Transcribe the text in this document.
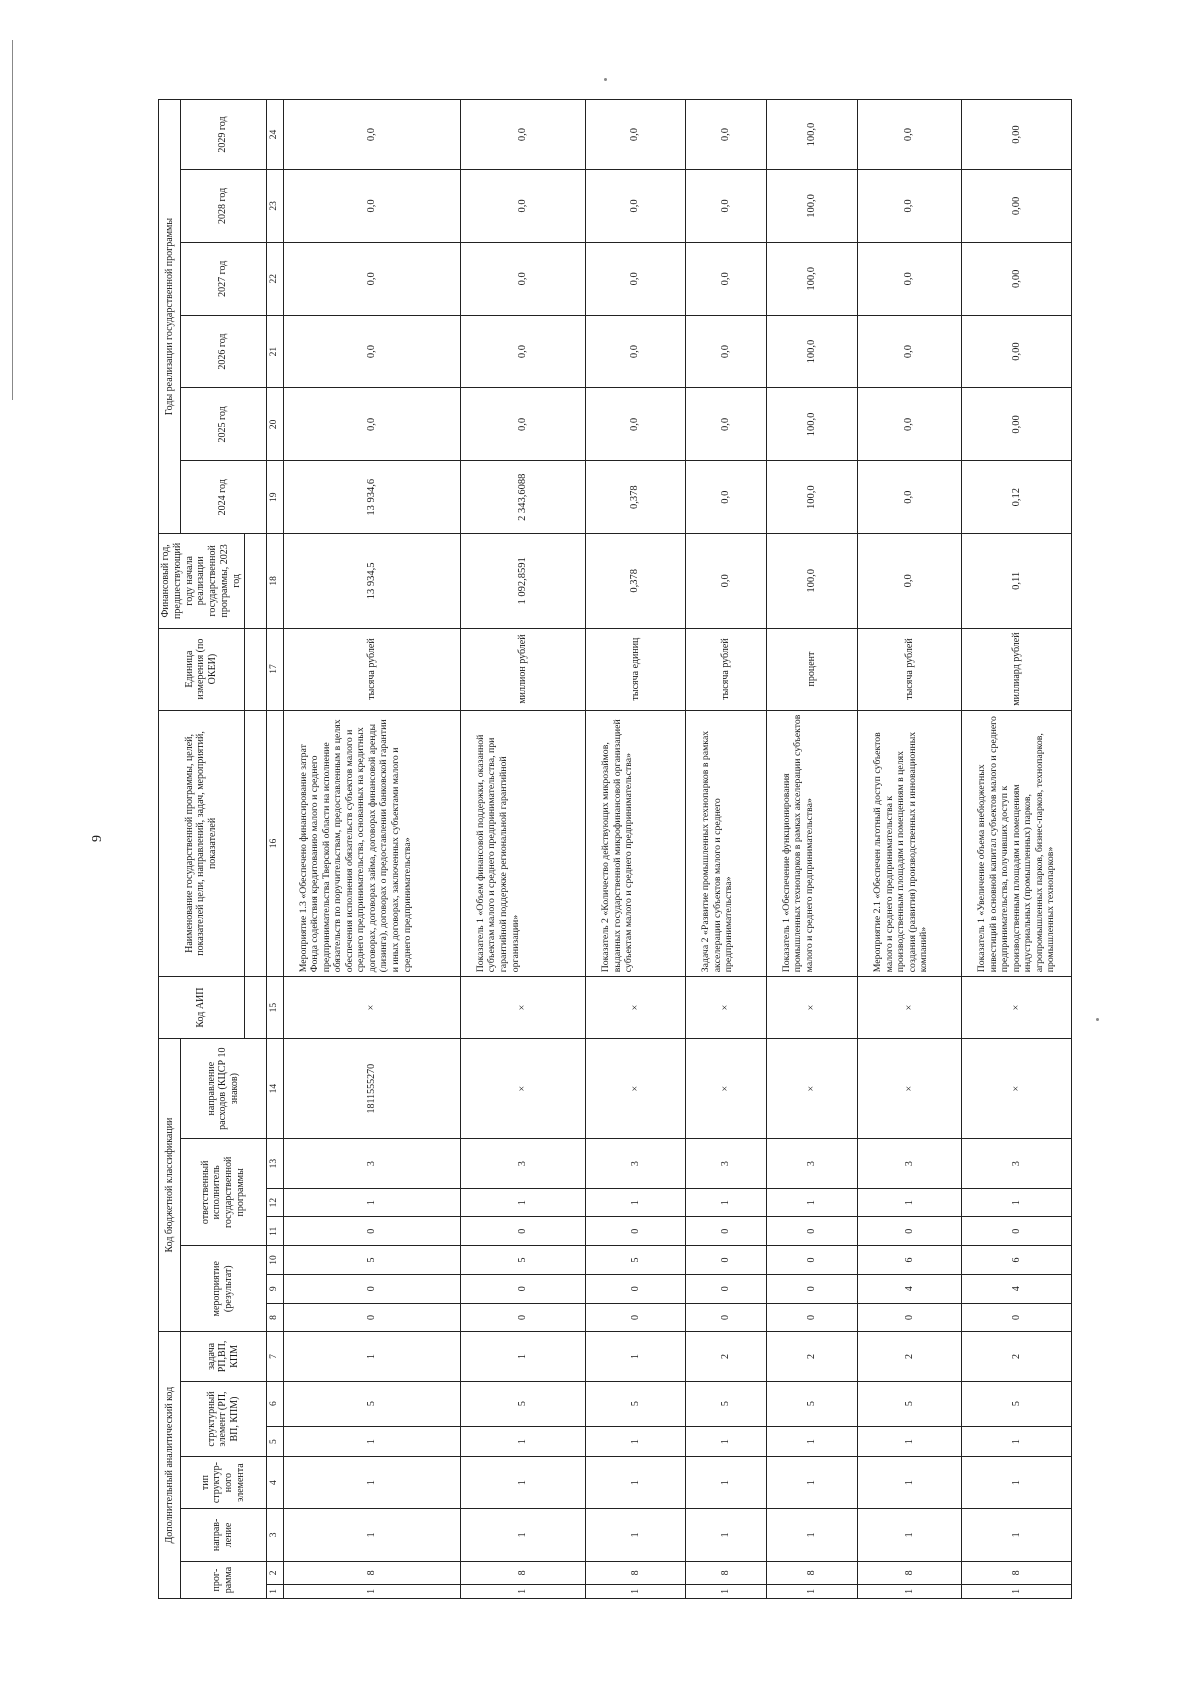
9
Дополнительный аналитический код							Код бюджетной классификации							Код АИП	Наименование государственной программы, целей, показателей цели, направлений, задач, мероприятий, показателей	Единица измерения (по ОКЕИ)	Финансовый год, предшествующий году начала реализации государственной программы, 2023 год	Годы реализации государственной программы					
прог-рамма		направ-ление	тип структур-ного элемента	структурный элемент (РП, ВП, КПМ)		задача РП,ВП, КПМ	мероприятие (результат)			ответственный исполнитель государственной программы			направление расходов (КЦСР 10 знаков)					2024 год	2025 год	2026 год	2027 год	2028 год	2029 год

1	2	3	4	5	6	7	8	9	10	11	12	13	14	15	16	17	18	19	20	21	22	23	24
1	8	1	1	1	5	1	0	0	5	0	1	3	1811555270	×	Мероприятие 1.3 «Обеспечено финансирование затрат Фонда содействия кредитованию малого и среднего предпринимательства Тверской области на исполнение обязательств по поручительствам, предоставленным в целях обеспечения исполнения обязательств субъектов малого и среднего предпринимательства, основанных на кредитных договорах, договорах займа, договорах финансовой аренды (лизинга), договорах о предоставлении банковской гарантии и иных договорах, заключенных субъектами малого и среднего предпринимательства»	тысяча рублей	13 934,5	13 934,6	0,0	0,0	0,0	0,0	0,0
1	8	1	1	1	5	1	0	0	5	0	1	3	×	×	Показатель 1 «Объем финансовой поддержки, оказанной субъектам малого и среднего предпринимательства, при гарантийной поддержке региональной гарантийной организации»	миллион рублей	1 092,8591	2 343,6088	0,0	0,0	0,0	0,0	0,0
1	8	1	1	1	5	1	0	0	5	0	1	3	×	×	Показатель 2 «Количество действующих микрозаймов, выданных государственной микрофинансовой организацией субъектам малого и среднего предпринимательства»	тысяча единиц	0,378	0,378	0,0	0,0	0,0	0,0	0,0
1	8	1	1	1	5	2	0	0	0	0	1	3	×	×	Задача 2 «Развитие промышленных технопарков в рамках акселерации субъектов малого и среднего предпринимательства»	тысяча рублей	0,0	0,0	0,0	0,0	0,0	0,0	0,0
1	8	1	1	1	5	2	0	0	0	0	1	3	×	×	Показатель 1 «Обеспечение функционирования промышленных технопарков в рамках акселерации субъектов малого и среднего предпринимательства»	процент	100,0	100,0	100,0	100,0	100,0	100,0	100,0
1	8	1	1	1	5	2	0	4	6	0	1	3	×	×	Мероприятие 2.1 «Обеспечен льготный доступ субъектов малого и среднего предпринимательства к производственным площадям и помещениям в целях создания (развития) производственных и инновационных компаний»	тысяча рублей	0,0	0,0	0,0	0,0	0,0	0,0	0,0
1	8	1	1	1	5	2	0	4	6	0	1	3	×	×	Показатель 1 «Увеличение объема внебюджетных инвестиций в основной капитал субъектов малого и среднего предпринимательства, получивших доступ к производственным площадям и помещениям индустриальных (промышленных) парков, агропромышленных парков, бизнес-парков, технопарков, промышленных технопарков»	миллиард рублей	0,11	0,12	0,00	0,00	0,00	0,00	0,00
